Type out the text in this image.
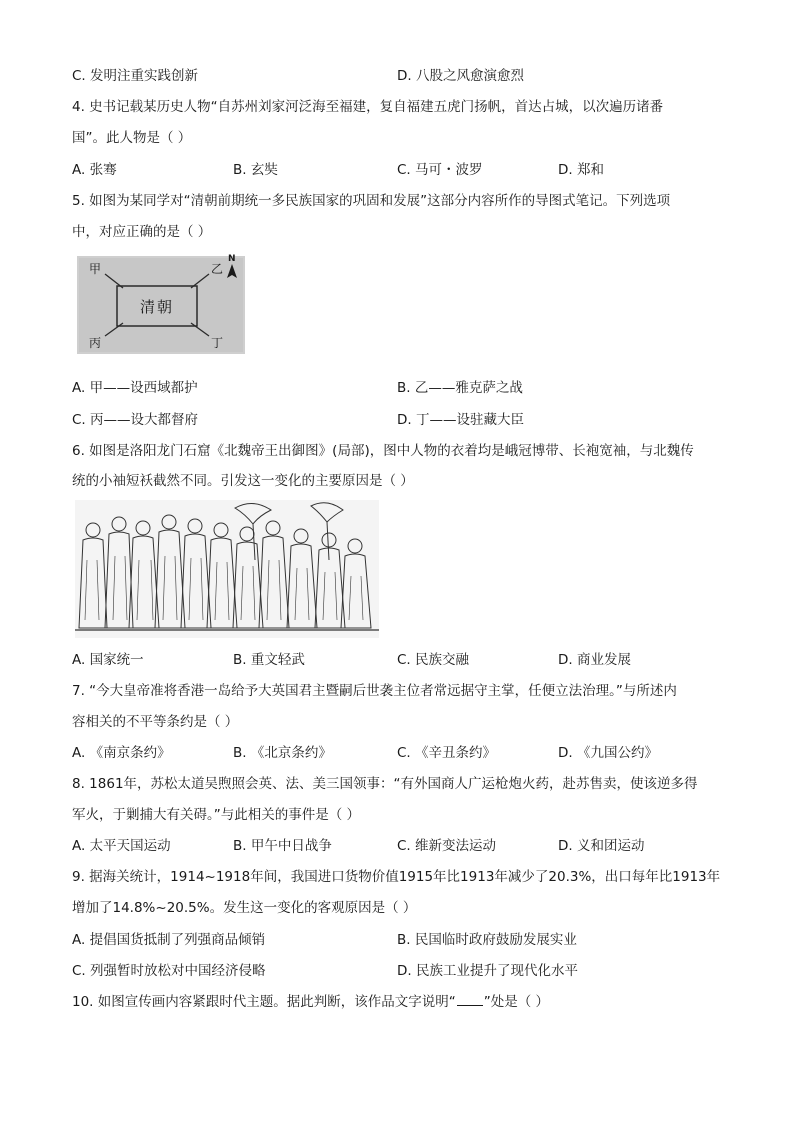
C. 发明注重实践创新	D. 八股之风愈演愈烈
4. 史书记载某历史人物“自苏州刘家河泛海至福建，复自福建五虎门扬帆，首达占城，以次遍历诸番
国”。此人物是（ ）
A. 张骞	B. 玄奘	C. 马可・波罗	D. 郑和
5. 如图为某同学对“清朝前期统一多民族国家的巩固和发展”这部分内容所作的导图式笔记。下列选项
中，对应正确的是（ ）
清朝
甲	乙
丙	丁
N
A. 甲——设西域都护	B. 乙——雅克萨之战
C. 丙——设大都督府	D. 丁——设驻藏大臣
6. 如图是洛阳龙门石窟《北魏帝王出御图》(局部)，图中人物的衣着均是峨冠博带、长袍宽袖，与北魏传
统的小袖短袄截然不同。引发这一变化的主要原因是（ ）
A. 国家统一	B. 重文轻武	C. 民族交融	D. 商业发展
7. “今大皇帝准将香港一岛给予大英国君主暨嗣后世袭主位者常远据守主掌，任便立法治理。”与所述内
容相关的不平等条约是（ ）
A. 《南京条约》	B. 《北京条约》	C. 《辛丑条约》	D. 《九国公约》
8. 1861年，苏松太道吴煦照会英、法、美三国领事：“有外国商人广运枪炮火药，赴苏售卖，使该逆多得
军火，于剿捕大有关碍。”与此相关的事件是（ ）
A. 太平天国运动	B. 甲午中日战争	C. 维新变法运动	D. 义和团运动
9. 据海关统计，1914~1918年间，我国进口货物价值1915年比1913年减少了20.3%，出口每年比1913年
增加了14.8%~20.5%。发生这一变化的客观原因是（ ）
A. 提倡国货抵制了列强商品倾销	B. 民国临时政府鼓励发展实业
C. 列强暂时放松对中国经济侵略	D. 民族工业提升了现代化水平
10. 如图宣传画内容紧跟时代主题。据此判断，该作品文字说明“ ”处是（ ）
